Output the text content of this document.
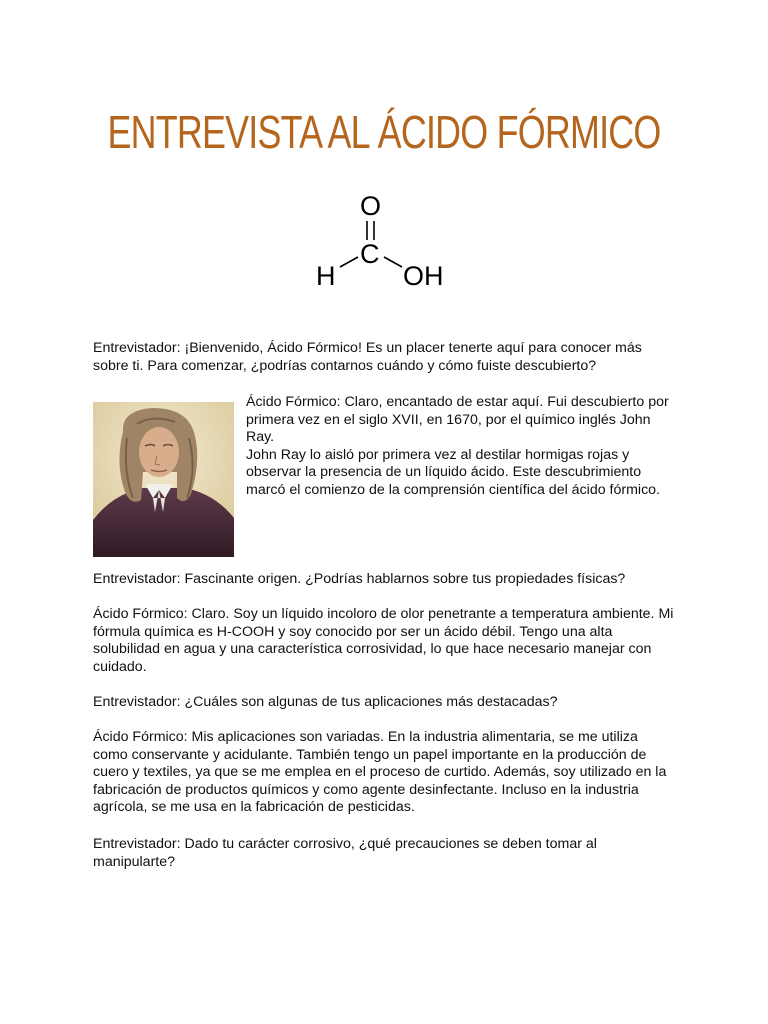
ENTREVISTA AL ÁCIDO FÓRMICO
O
C
H	OH

Entrevistador: ¡Bienvenido, Ácido Fórmico! Es un placer tenerte aquí para conocer más
sobre ti. Para comenzar, ¿podrías contarnos cuándo y cómo fuiste descubierto?

Ácido Fórmico: Claro, encantado de estar aquí. Fui descubierto por
primera vez en el siglo XVII, en 1670, por el químico inglés John
Ray.
John Ray lo aisló por primera vez al destilar hormigas rojas y
observar la presencia de un líquido ácido. Este descubrimiento
marcó el comienzo de la comprensión científica del ácido fórmico.

Entrevistador: Fascinante origen. ¿Podrías hablarnos sobre tus propiedades físicas?

Ácido Fórmico: Claro. Soy un líquido incoloro de olor penetrante a temperatura ambiente. Mi
fórmula química es H-COOH y soy conocido por ser un ácido débil. Tengo una alta
solubilidad en agua y una característica corrosividad, lo que hace necesario manejar con
cuidado.

Entrevistador: ¿Cuáles son algunas de tus aplicaciones más destacadas?

Ácido Fórmico: Mis aplicaciones son variadas. En la industria alimentaria, se me utiliza
como conservante y acidulante. También tengo un papel importante en la producción de
cuero y textiles, ya que se me emplea en el proceso de curtido. Además, soy utilizado en la
fabricación de productos químicos y como agente desinfectante. Incluso en la industria
agrícola, se me usa en la fabricación de pesticidas.

Entrevistador: Dado tu carácter corrosivo, ¿qué precauciones se deben tomar al
manipularte?
